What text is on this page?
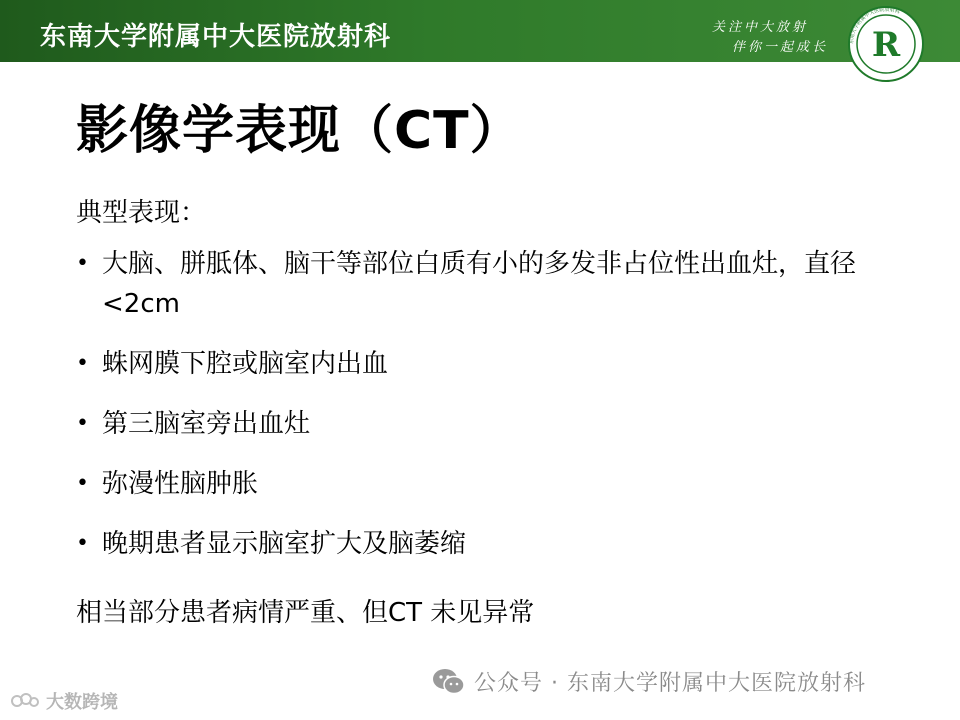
东南大学附属中大医院放射科	关注中大放射
伴你一起成长	东南大学附属中大医院放射科
R
影像学表现（CT）
典型表现：
• 大脑、胼胝体、脑干等部位白质有小的多发非占位性出血灶，直径<2cm
• 蛛网膜下腔或脑室内出血
• 第三脑室旁出血灶
• 弥漫性脑肿胀
• 晚期患者显示脑室扩大及脑萎缩
相当部分患者病情严重、但CT 未见异常
公众号 · 东南大学附属中大医院放射科
大数跨境
